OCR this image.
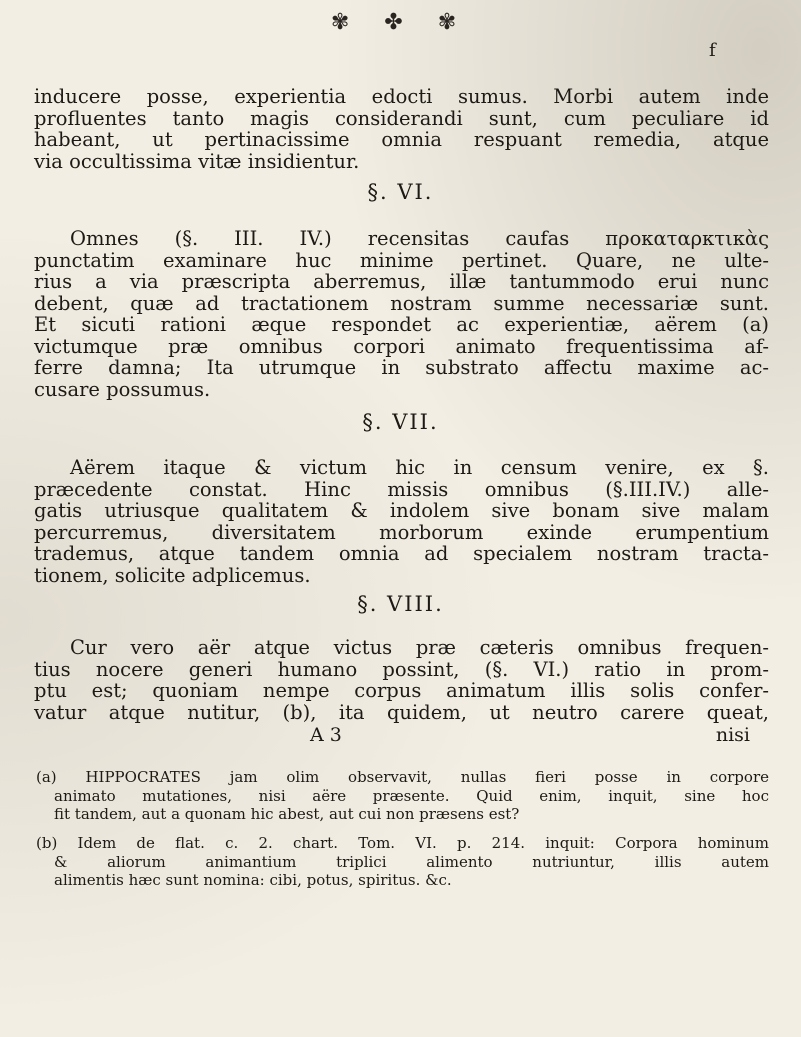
✾ ✤ ✾
f
inducere posse, experientia edocti sumus. Morbi autem inde
profluentes tanto magis considerandi sunt, cum peculiare id
habeant, ut pertinacissime omnia respuant remedia, atque
via occultissima vitæ insidientur.
§. VI.
Omnes (§. III. IV.) recensitas caufas προκαταρκτικὰς
punctatim examinare huc minime pertinet. Quare, ne ulte-
rius a via præscripta aberremus, illæ tantummodo erui nunc
debent, quæ ad tractationem nostram summe necessariæ sunt.
Et sicuti rationi æque respondet ac experientiæ, aërem (a)
victumque præ omnibus corpori animato frequentissima af-
ferre damna; Ita utrumque in substrato affectu maxime ac-
cusare possumus.
§. VII.
Aërem itaque & victum hic in censum venire, ex §.
præcedente constat. Hinc missis omnibus (§.III.IV.) alle-
gatis utriusque qualitatem & indolem sive bonam sive malam
percurremus, diversitatem morborum exinde erumpentium
trademus, atque tandem omnia ad specialem nostram tracta-
tionem, solicite adplicemus.
§. VIII.
Cur vero aër atque victus præ cæteris omnibus frequen-
tius nocere generi humano possint, (§. VI.) ratio in prom-
ptu est; quoniam nempe corpus animatum illis solis confer-
vatur atque nutitur, (b), ita quidem, ut neutro carere queat,
A 3	nisi
(a) HIPPOCRATES jam olim observavit, nullas fieri posse in corpore
animato mutationes, nisi aëre præsente. Quid enim, inquit, sine hoc
fit tandem, aut a quonam hic abest, aut cui non præsens est?
(b) Idem de flat. c. 2. chart. Tom. VI. p. 214. inquit: Corpora hominum
& aliorum animantium triplici alimento nutriuntur, illis autem
alimentis hæc sunt nomina: cibi, potus, spiritus. &c.
